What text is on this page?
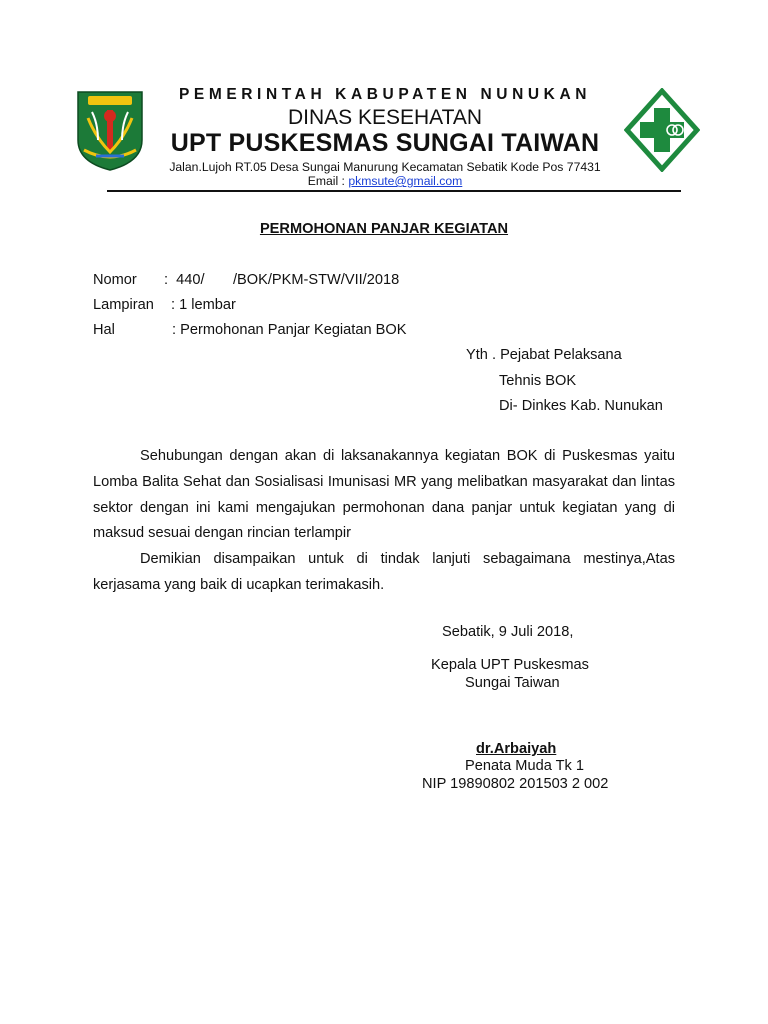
PEMERINTAH KABUPATEN NUNUKAN
DINAS KESEHATAN
UPT PUSKESMAS SUNGAI TAIWAN
Jalan.Lujoh RT.05 Desa Sungai Manurung Kecamatan Sebatik Kode Pos 77431
Email : pkmsute@gmail.com
PERMOHONAN PANJAR KEGIATAN
Nomor :  440/       /BOK/PKM-STW/VII/2018
Lampiran : 1 lembar
Hal	: Permohonan Panjar Kegiatan BOK
Yth . Pejabat Pelaksana
Tehnis BOK
Di- Dinkes Kab. Nunukan

Sehubungan dengan akan di laksanakannya kegiatan BOK di Puskesmas yaitu Lomba Balita Sehat dan Sosialisasi Imunisasi MR yang melibatkan masyarakat dan lintas sektor dengan ini kami mengajukan permohonan dana panjar untuk kegiatan yang di maksud sesuai dengan rincian terlampir

Demikian disampaikan untuk di tindak lanjuti sebagaimana mestinya,Atas kerjasama yang baik di ucapkan terimakasih.

Sebatik, 9 Juli 2018,
Kepala UPT Puskesmas
Sungai Taiwan
dr.Arbaiyah
Penata Muda Tk 1
NIP 19890802 201503 2 002
